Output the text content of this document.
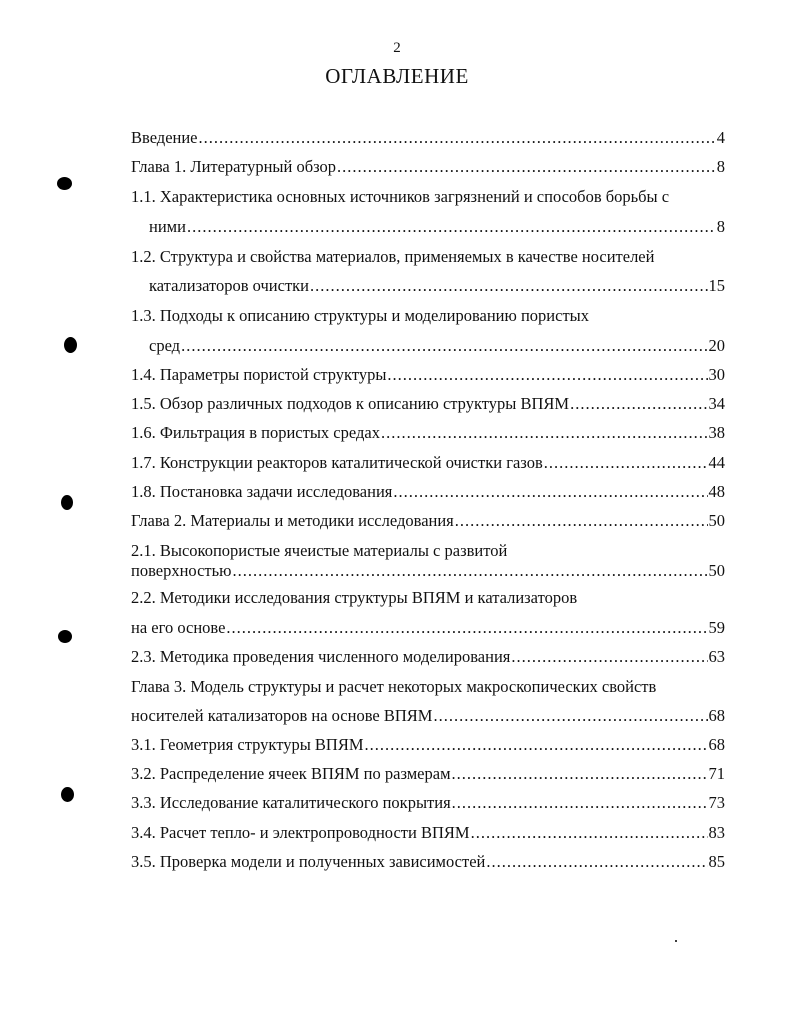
2
ОГЛАВЛЕНИЕ
Введение .....	4
Глава 1. Литературный обзор .....	8
1.1. Характеристика основных источников загрязнений и способов борьбы с
ними .....	8
1.2. Структура и свойства материалов, применяемых в качестве носителей
катализаторов очистки .....	15
1.3. Подходы к описанию структуры и моделированию пористых
сред .....	20
1.4. Параметры пористой структуры .....	30
1.5. Обзор различных подходов к описанию структуры ВПЯМ .....	34
1.6. Фильтрация в пористых средах .....	38
1.7. Конструкции реакторов каталитической очистки газов .....	44
1.8. Постановка задачи исследования .....	48
Глава 2. Материалы и методики исследования .....	50
2.1. Высокопористые ячеистые материалы с развитой
поверхностью .....	50
2.2. Методики исследования структуры ВПЯМ и катализаторов
на его основе .....	59
2.3. Методика проведения численного моделирования .....	63
Глава 3. Модель структуры и расчет некоторых макроскопических свойств
носителей катализаторов на основе ВПЯМ .....	68
3.1. Геометрия структуры ВПЯМ .....	68
3.2. Распределение ячеек ВПЯМ по размерам .....	71
3.3. Исследование каталитического покрытия .....	73
3.4. Расчет тепло- и электропроводности ВПЯМ .....	83
3.5. Проверка модели и полученных зависимостей .....	85
